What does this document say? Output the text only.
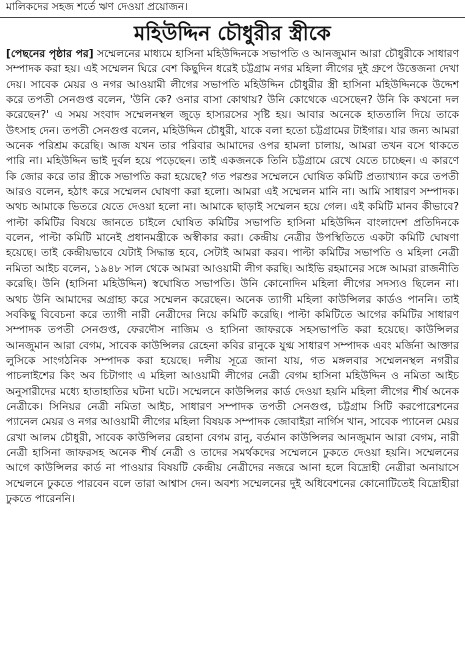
মালিকদের সহজ শর্তে ঋণ দেওয়া প্রয়োজন।
মহিউদ্দিন চৌধুরীর স্ত্রীকে
[পেছনের পৃষ্ঠার পর] সম্মেলনের মাধ্যমে হাসিনা মহিউদ্দিনকে সভাপতি ও আনজুমান আরা চৌধুরীকে সাধারণ সম্পাদক করা হয়। এই সম্মেলন ঘিরে বেশ কিছুদিন ধরেই চট্টগ্রাম নগর মহিলা লীগের দুই গ্রুপে উত্তেজনা দেখা দেয়। সাবেক মেয়র ও নগর আওয়ামী লীগের সভাপতি মহিউদ্দিন চৌধুরীর স্ত্রী হাসিনা মহিউদ্দিনকে উদ্দেশ করে তপতী সেনগুপ্ত বলেন, 'উনি কে? ওনার বাসা কোথায়? উনি কোথেকে এসেছেন? উনি কি কখনো দল করেছেন?' এ সময় সংবাদ সম্মেলনস্থল জুড়ে হাস্যরসের সৃষ্টি হয়। আবার অনেকে হাততালি দিয়ে তাকে উৎসাহ দেন। তপতী সেনগুপ্ত বলেন, মহিউদ্দিন চৌধুরী, যাকে বলা হতো চট্টগ্রামের টাইগার। যার জন্য আমরা অনেক পরিশ্রম করেছি। আজ যখন তার পরিবার আমাদের ওপর হামলা চালায়, আমরা তখন বসে থাকতে পারি না। মহিউদ্দিন ভাই দুর্বল হয়ে পড়েছেন। তাই একজনকে তিনি চট্টগ্রামে রেখে যেতে চাচ্ছেন। এ কারণে কি জোর করে তার স্ত্রীকে সভাপতি করা হয়েছে? গত পরশুর সম্মেলনে ঘোষিত কমিটি প্রত্যাখ্যান করে তপতী আরও বলেন, হঠাৎ করে সম্মেলন ঘোষণা করা হলো। আমরা এই সম্মেলন মানি না। আমি সাধারণ সম্পাদক। অথচ আমাকে ভিতরে যেতে দেওয়া হলো না। আমাকে ছাড়াই সম্মেলন হয়ে গেল। এই কমিটি মানব কীভাবে? পাল্টা কমিটির বিষয়ে জানতে চাইলে ঘোষিত কমিটির সভাপতি হাসিনা মহিউদ্দিন বাংলাদেশ প্রতিদিনকে বলেন, পাল্টা কমিটি মানেই প্রধানমন্ত্রীকে অস্বীকার করা। কেন্দ্রীয় নেত্রীর উপস্থিতিতে একটা কমিটি ঘোষণা হয়েছে। তাই কেন্দ্রীয়ভাবে যেটাই সিদ্ধান্ত হবে, সেটাই আমরা করব। পাল্টা কমিটির সভাপতি ও মহিলা নেত্রী নমিতা আইচ বলেন, ১৯৪৮ সাল থেকে আমরা আওয়ামী লীগ করছি। আইভি রহমানের সঙ্গে আমরা রাজনীতি করেছি। উনি (হাসিনা মহিউদ্দিন) স্বঘোষিত সভাপতি। উনি কোনোদিন মহিলা লীগের সদস্যও ছিলেন না। অথচ উনি আমাদের অগ্রাহ্য করে সম্মেলন করেছেন। অনেক ত্যাগী মহিলা কাউন্সিলর কার্ডও পাননি। তাই সবকিছু বিবেচনা করে ত্যাগী নারী নেত্রীদের নিয়ে কমিটি করেছি। পাল্টা কমিটিতে আগের কমিটির সাধারণ সম্পাদক তপতী সেনগুপ্ত, ফেরদৌস নাজিম ও হাসিনা জাফরকে সহসভাপতি করা হয়েছে। কাউন্সিলর আনজুমান আরা বেগম, সাবেক কাউন্সিলর রেহেনা কবির রানুকে যুগ্ম সাধারণ সম্পাদক এবং মর্জিনা আক্তার লুসিকে সাংগঠনিক সম্পাদক করা হয়েছে। দলীয় সূত্রে জানা যায়, গত মঙ্গলবার সম্মেলনস্থল নগরীর পাচলাইশের কিং অব চিটাগাং এ মহিলা আওয়ামী লীগের নেত্রী বেগম হাসিনা মহিউদ্দিন ও নমিতা আইচ অনুসারীদের মধ্যে হাতাহাতির ঘটনা ঘটে। সম্মেলনে কাউন্সিলর কার্ড দেওয়া হয়নি মহিলা লীগের শীর্ষ অনেক নেত্রীকে। সিনিয়র নেত্রী নমিতা আইচ, সাধারণ সম্পাদক তপতী সেনগুপ্ত, চট্টগ্রাম সিটি করপোরেশনের প্যানেল মেয়র ও নগর আওয়ামী লীগের মহিলা বিষয়ক সম্পাদক জোবাইরা নার্গিস খান, সাবেক প্যানেল মেয়র রেখা আলম চৌধুরী, সাবেক কাউন্সিলর রেহানা বেগম রানু, বর্তমান কাউন্সিলর আনজুমান আরা বেগম, নারী নেত্রী হাসিনা জাফরসহ অনেক শীর্ষ নেত্রী ও তাদের সমর্থকদের সম্মেলনে ঢুকতে দেওয়া হয়নি। সম্মেলনের আগে কাউন্সিলর কার্ড না পাওয়ার বিষয়টি কেন্দ্রীয় নেত্রীদের নজরে আনা হলে বিদ্রোহী নেত্রীরা অনায়াসে সম্মেলনে ঢুকতে পারবেন বলে তারা আশ্বাস দেন। অবশ্য সম্মেলনের দুই অধিবেশনের কোনোটিতেই বিদ্রোহীরা ঢুকতে পারেননি।
